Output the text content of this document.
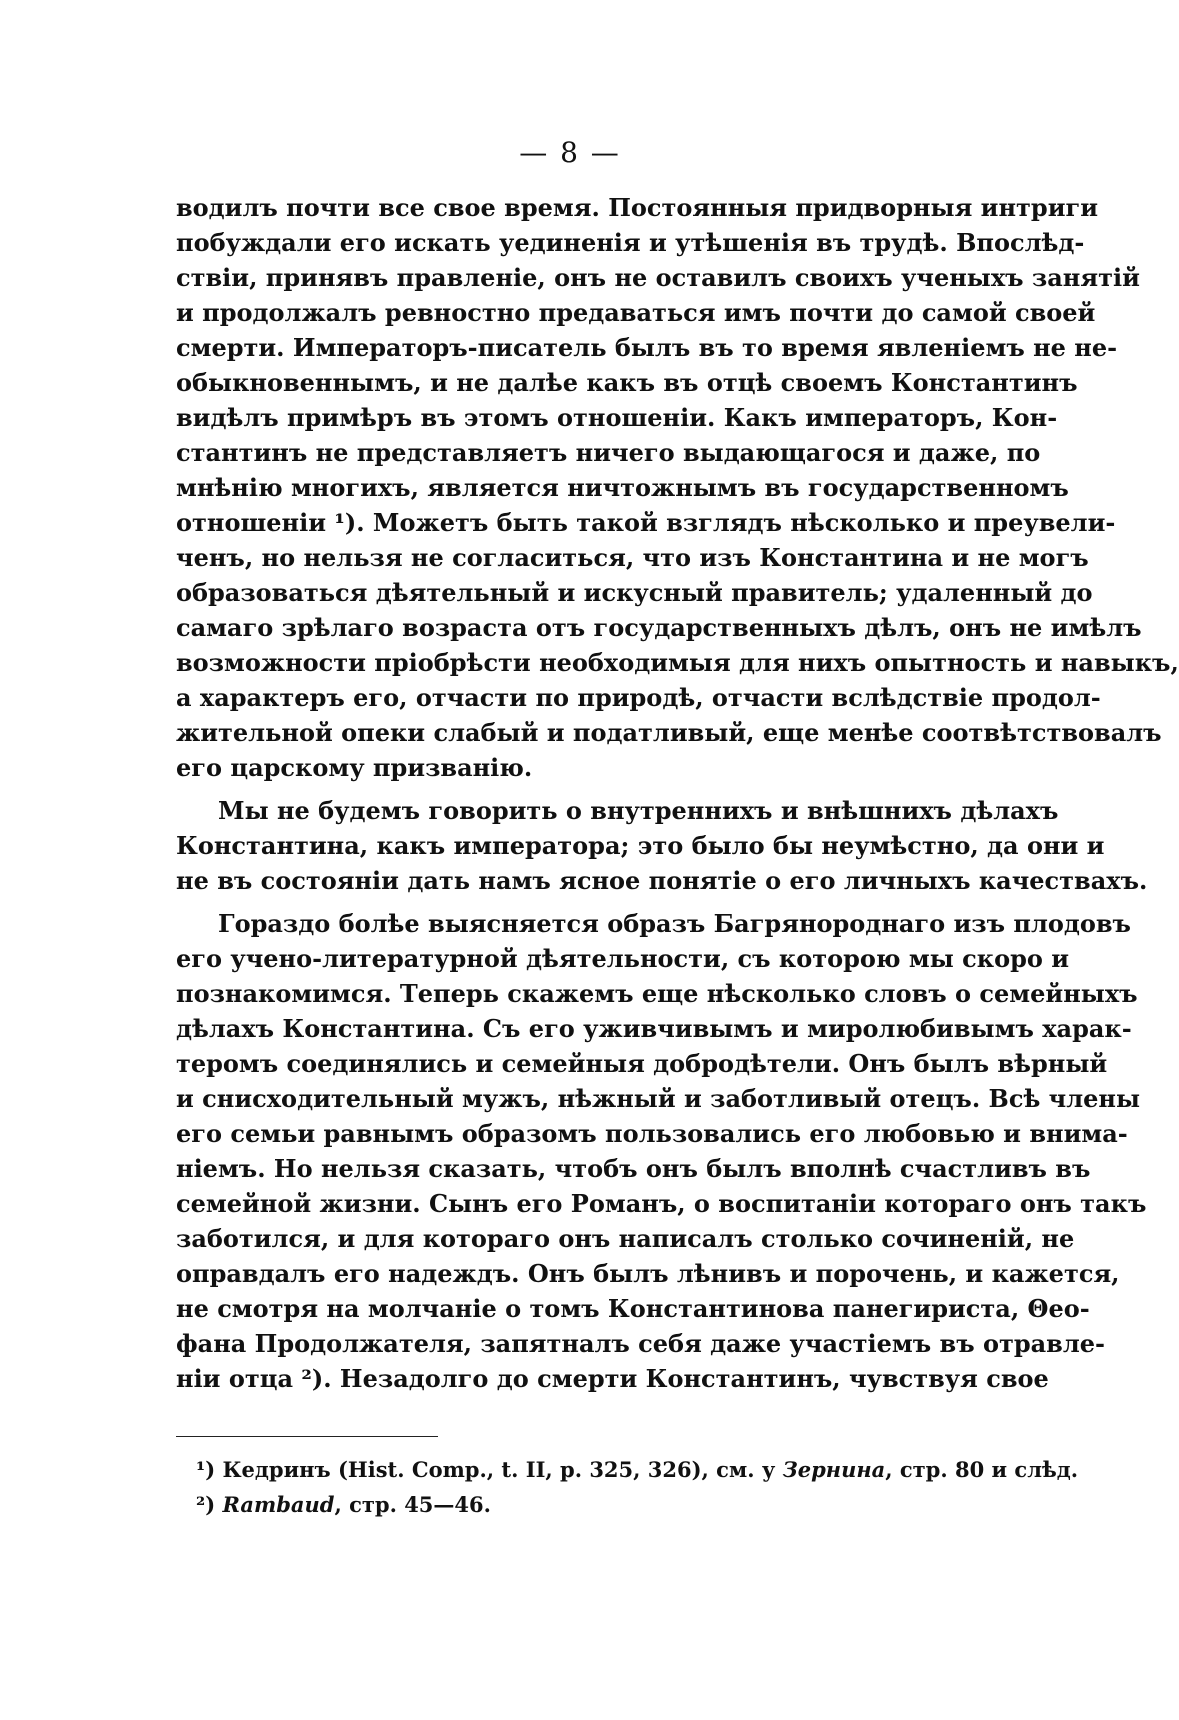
— 8 —
водилъ почти все свое время. Постоянныя придворныя интриги
побуждали его искать уединенія и утѣшенія въ трудѣ. Впослѣд-
ствіи, принявъ правленіе, онъ не оставилъ своихъ ученыхъ занятій
и продолжалъ ревностно предаваться имъ почти до самой своей
смерти. Императоръ-писатель былъ въ то время явленіемъ не не-
обыкновеннымъ, и не далѣе какъ въ отцѣ своемъ Константинъ
видѣлъ примѣръ въ этомъ отношеніи. Какъ императоръ, Кон-
стантинъ не представляетъ ничего выдающагося и даже, по
мнѣнію многихъ, является ничтожнымъ въ государственномъ
отношеніи ¹). Можетъ быть такой взглядъ нѣсколько и преувели-
ченъ, но нельзя не согласиться, что изъ Константина и не могъ
образоваться дѣятельный и искусный правитель; удаленный до
самаго зрѣлаго возраста отъ государственныхъ дѣлъ, онъ не имѣлъ
возможности пріобрѣсти необходимыя для нихъ опытность и навыкъ,
а характеръ его, отчасти по природѣ, отчасти вслѣдствіе продол-
жительной опеки слабый и податливый, еще менѣе соотвѣтствовалъ
его царскому призванію.
Мы не будемъ говорить о внутреннихъ и внѣшнихъ дѣлахъ
Константина, какъ императора; это было бы неумѣстно, да они и
не въ состояніи дать намъ ясное понятіе о его личныхъ качествахъ.
Гораздо болѣе выясняется образъ Багрянороднаго изъ плодовъ
его учено-литературной дѣятельности, съ которою мы скоро и
познакомимся. Теперь скажемъ еще нѣсколько словъ о семейныхъ
дѣлахъ Константина. Съ его уживчивымъ и миролюбивымъ харак-
теромъ соединялись и семейныя добродѣтели. Онъ былъ вѣрный
и снисходительный мужъ, нѣжный и заботливый отецъ. Всѣ члены
его семьи равнымъ образомъ пользовались его любовью и внима-
ніемъ. Но нельзя сказать, чтобъ онъ былъ вполнѣ счастливъ въ
семейной жизни. Сынъ его Романъ, о воспитаніи котораго онъ такъ
заботился, и для котораго онъ написалъ столько сочиненій, не
оправдалъ его надеждъ. Онъ былъ лѣнивъ и порочень, и кажется,
не смотря на молчаніе о томъ Константинова панегириста, Θео-
фана Продолжателя, запятналъ себя даже участіемъ въ отравле-
ніи отца ²). Незадолго до смерти Константинъ, чувствуя свое
¹) Кедринъ (Hist. Comp., t. II, p. 325, 326), см. у Зернина, стр. 80 и слѣд.
²) Rambaud, стр. 45—46.
